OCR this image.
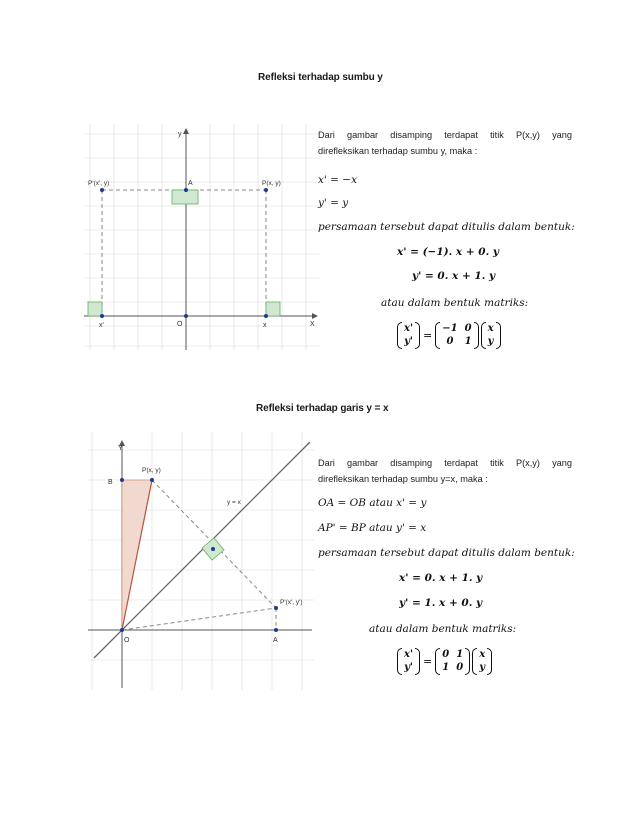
Refleksi terhadap sumbu y
y
X
O
A
P'(x', y)	P(x, y)
x'	x
Dari gambar disamping terdapat titik P(x,y) yang
direfleksikan terhadap sumbu y, maka :
x' = −x
y' = y
persamaan tersebut dapat ditulis dalam bentuk:
x' = (−1). x + 0. y
y' = 0. x + 1. y
atau dalam bentuk matriks:
x'
y' =
−1 0
0	1
x
y
Refleksi terhadap garis y = x
Y
B
P(x, y)
y = x
P'(x', y')
O	A
Dari gambar disamping terdapat titik P(x,y) yang
direfleksikan terhadap sumbu y=x, maka :
OA = OB atau x' = y
AP' = BP atau y' = x
persamaan tersebut dapat ditulis dalam bentuk:
x' = 0. x + 1. y
y' = 1. x + 0. y
atau dalam bentuk matriks:
x'
y' =
0 1
1 0
x
y
